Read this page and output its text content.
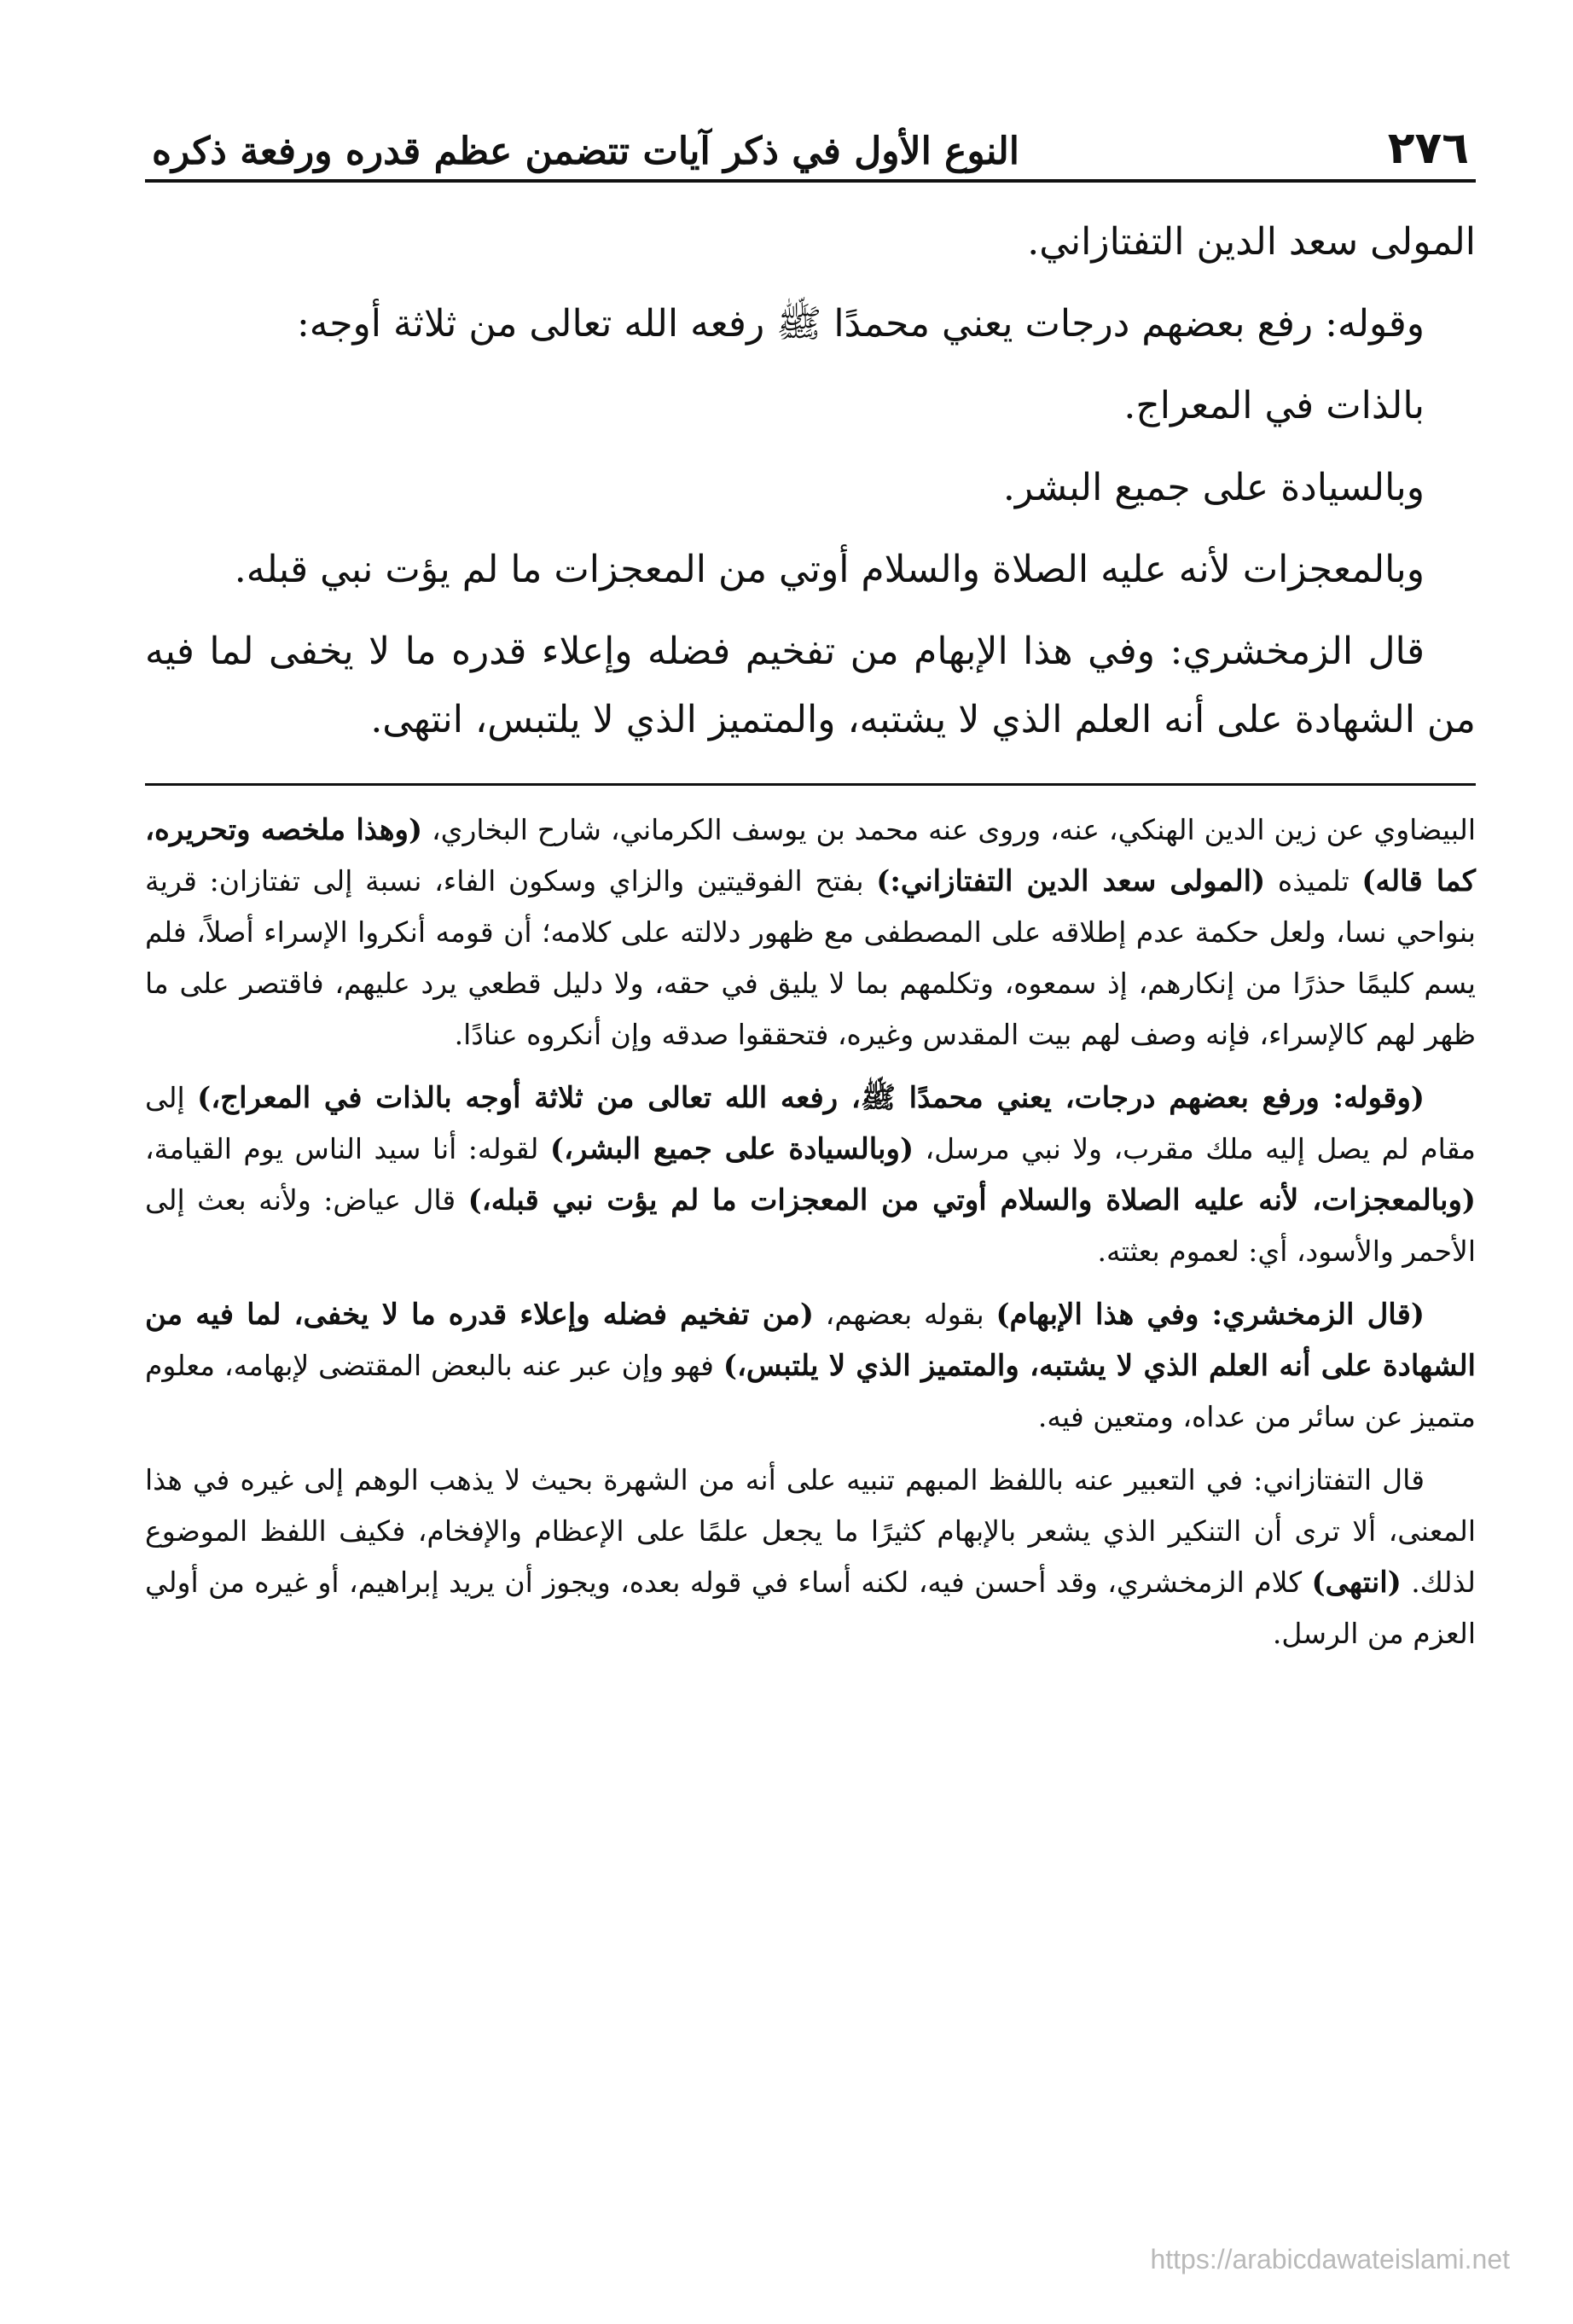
٢٧٦
النوع الأول في ذكر آيات تتضمن عظم قدره ورفعة ذكره

المولى سعد الدين التفتازاني.

وقوله: رفع بعضهم درجات يعني محمدًا ﷺ رفعه الله تعالى من ثلاثة أوجه:

بالذات في المعراج.

وبالسيادة على جميع البشر.

وبالمعجزات لأنه عليه الصلاة والسلام أوتي من المعجزات ما لم يؤت نبي قبله.

قال الزمخشري: وفي هذا الإبهام من تفخيم فضله وإعلاء قدره ما لا يخفى لما فيه من الشهادة على أنه العلم الذي لا يشتبه، والمتميز الذي لا يلتبس، انتهى.

البيضاوي عن زين الدين الهنكي، عنه، وروى عنه محمد بن يوسف الكرماني، شارح البخاري، (وهذا ملخصه وتحريره، كما قاله) تلميذه (المولى سعد الدين التفتازاني:) بفتح الفوقيتين والزاي وسكون الفاء، نسبة إلى تفتازان: قرية بنواحي نسا، ولعل حكمة عدم إطلاقه على المصطفى مع ظهور دلالته على كلامه؛ أن قومه أنكروا الإسراء أصلاً، فلم يسم كليمًا حذرًا من إنكارهم، إذ سمعوه، وتكلمهم بما لا يليق في حقه، ولا دليل قطعي يرد عليهم، فاقتصر على ما ظهر لهم كالإسراء، فإنه وصف لهم بيت المقدس وغيره، فتحققوا صدقه وإن أنكروه عنادًا.

(وقوله: ورفع بعضهم درجات، يعني محمدًا ﷺ، رفعه الله تعالى من ثلاثة أوجه بالذات في المعراج،) إلى مقام لم يصل إليه ملك مقرب، ولا نبي مرسل، (وبالسيادة على جميع البشر،) لقوله: أنا سيد الناس يوم القيامة، (وبالمعجزات، لأنه عليه الصلاة والسلام أوتي من المعجزات ما لم يؤت نبي قبله،) قال عياض: ولأنه بعث إلى الأحمر والأسود، أي: لعموم بعثته.

(قال الزمخشري: وفي هذا الإبهام) بقوله بعضهم، (من تفخيم فضله وإعلاء قدره ما لا يخفى، لما فيه من الشهادة على أنه العلم الذي لا يشتبه، والمتميز الذي لا يلتبس،) فهو وإن عبر عنه بالبعض المقتضى لإبهامه، معلوم متميز عن سائر من عداه، ومتعين فيه.

قال التفتازاني: في التعبير عنه باللفظ المبهم تنبيه على أنه من الشهرة بحيث لا يذهب الوهم إلى غيره في هذا المعنى، ألا ترى أن التنكير الذي يشعر بالإبهام كثيرًا ما يجعل علمًا على الإعظام والإفخام، فكيف اللفظ الموضوع لذلك. (انتهى) كلام الزمخشري، وقد أحسن فيه، لكنه أساء في قوله بعده، ويجوز أن يريد إبراهيم، أو غيره من أولي العزم من الرسل.

https://arabicdawateislami.net
